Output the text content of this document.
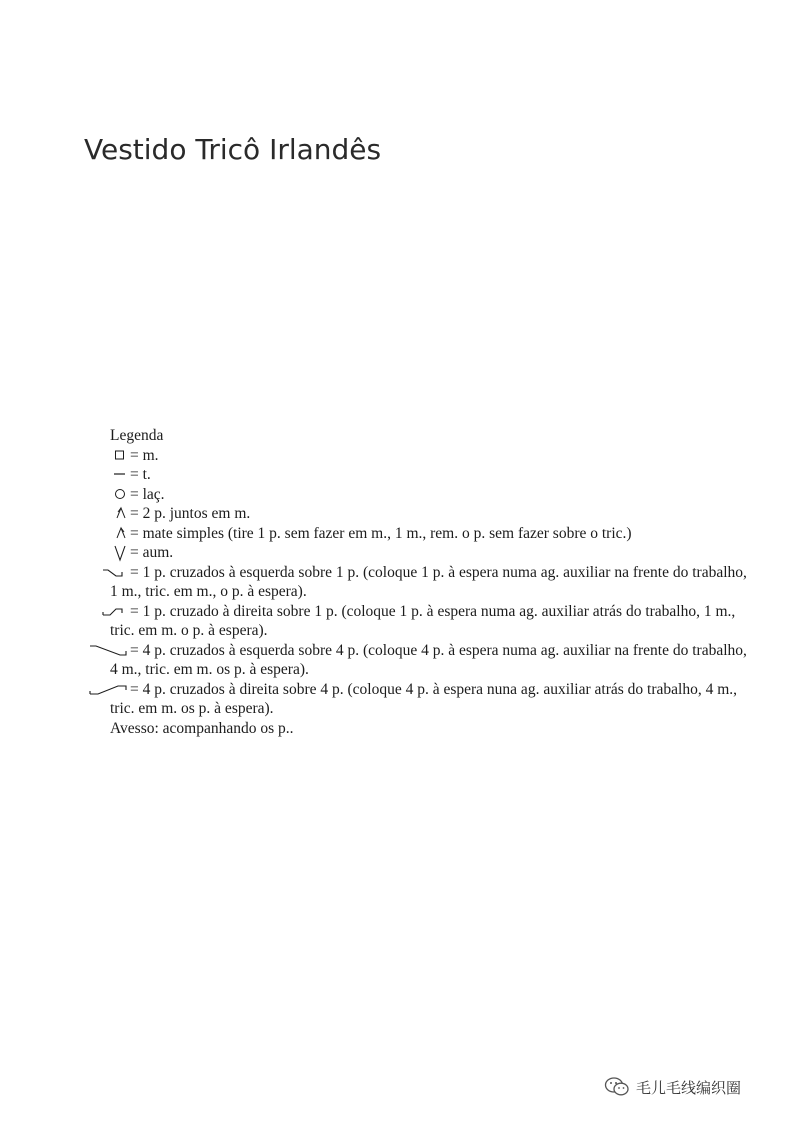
Vestido Tricô Irlandês
Legenda
= m.
= t.
= laç.
= 2 p. juntos em m.
= mate simples (tire 1 p. sem fazer em m., 1 m., rem. o p. sem fazer sobre o tric.)
= aum.
= 1 p. cruzados à esquerda sobre 1 p. (coloque 1 p. à espera numa ag. auxiliar na frente do trabalho, 1 m., tric. em m., o p. à espera).
= 1 p. cruzado à direita sobre 1 p. (coloque 1 p. à espera numa ag. auxiliar atrás do trabalho, 1 m., tric. em m. o p. à espera).
= 4 p. cruzados à esquerda sobre 4 p. (coloque 4 p. à espera numa ag. auxiliar na frente do trabalho, 4 m., tric. em m. os p. à espera).
= 4 p. cruzados à direita sobre 4 p. (coloque 4 p. à espera nuna ag. auxiliar atrás do trabalho, 4 m., tric. em m. os p. à espera).
Avesso: acompanhando os p..
毛儿毛线编织圈
